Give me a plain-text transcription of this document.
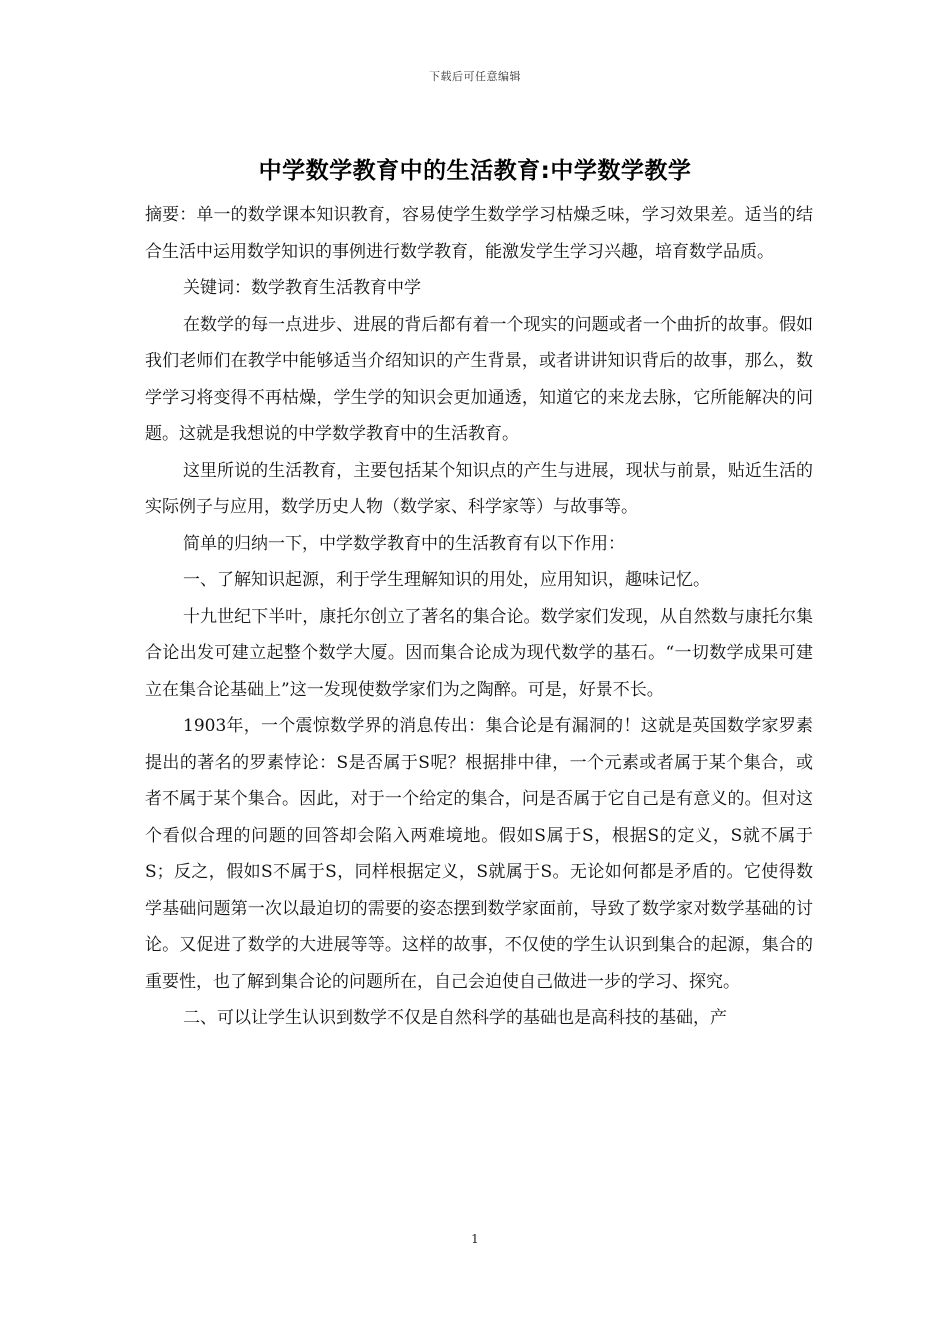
下载后可任意编辑
中学数学教育中的生活教育:中学数学教学

摘要：单一的数学课本知识教育，容易使学生数学学习枯燥乏味，学习效果差。适当的结合生活中运用数学知识的事例进行数学教育，能激发学生学习兴趣，培育数学品质。

关键词：数学教育生活教育中学

在数学的每一点进步、进展的背后都有着一个现实的问题或者一个曲折的故事。假如我们老师们在教学中能够适当介绍知识的产生背景，或者讲讲知识背后的故事，那么，数学学习将变得不再枯燥，学生学的知识会更加通透，知道它的来龙去脉，它所能解决的问题。这就是我想说的中学数学教育中的生活教育。

这里所说的生活教育，主要包括某个知识点的产生与进展，现状与前景，贴近生活的实际例子与应用，数学历史人物（数学家、科学家等）与故事等。

简单的归纳一下，中学数学教育中的生活教育有以下作用：

一、了解知识起源，利于学生理解知识的用处，应用知识，趣味记忆。

十九世纪下半叶，康托尔创立了著名的集合论。数学家们发现，从自然数与康托尔集合论出发可建立起整个数学大厦。因而集合论成为现代数学的基石。“一切数学成果可建立在集合论基础上”这一发现使数学家们为之陶醉。可是，好景不长。

1903年，一个震惊数学界的消息传出：集合论是有漏洞的！这就是英国数学家罗素提出的著名的罗素悖论：S是否属于S呢？根据排中律，一个元素或者属于某个集合，或者不属于某个集合。因此，对于一个给定的集合，问是否属于它自己是有意义的。但对这个看似合理的问题的回答却会陷入两难境地。假如S属于S，根据S的定义，S就不属于S；反之，假如S不属于S，同样根据定义，S就属于S。无论如何都是矛盾的。它使得数学基础问题第一次以最迫切的需要的姿态摆到数学家面前，导致了数学家对数学基础的讨论。又促进了数学的大进展等等。这样的故事，不仅使的学生认识到集合的起源，集合的重要性，也了解到集合论的问题所在，自己会迫使自己做进一步的学习、探究。

二、可以让学生认识到数学不仅是自然科学的基础也是高科技的基础，产

1
